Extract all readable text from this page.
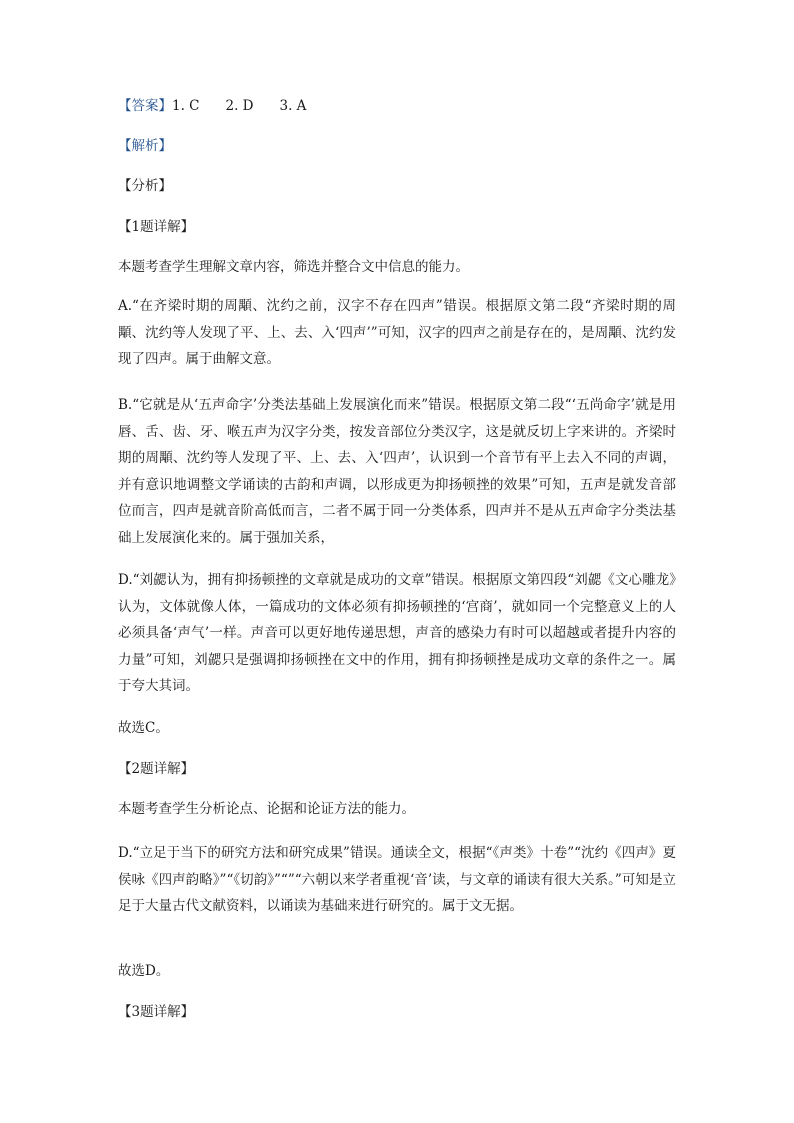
【答案】1. C 2. D 3. A
【解析】
【分析】
【1题详解】
本题考查学生理解文章内容，筛选并整合文中信息的能力。
A.“在齐梁时期的周顒、沈约之前，汉字不存在四声”错误。根据原文第二段“齐梁时期的周顒、沈约等人发现了平、上、去、入‘四声’”可知，汉字的四声之前是存在的，是周顒、沈约发现了四声。属于曲解文意。
B.“它就是从‘五声命字’分类法基础上发展演化而来”错误。根据原文第二段“‘五尚命字’就是用唇、舌、齿、牙、喉五声为汉字分类，按发音部位分类汉字，这是就反切上字来讲的。齐梁时期的周顒、沈约等人发现了平、上、去、入‘四声’，认识到一个音节有平上去入不同的声调，并有意识地调整文学诵读的古韵和声调，以形成更为抑扬顿挫的效果”可知，五声是就发音部位而言，四声是就音阶高低而言，二者不属于同一分类体系，四声并不是从五声命字分类法基础上发展演化来的。属于强加关系，
D.“刘勰认为，拥有抑扬顿挫的文章就是成功的文章”错误。根据原文第四段“刘勰《文心雕龙》认为，文体就像人体，一篇成功的文体必须有抑扬顿挫的‘宫商’，就如同一个完整意义上的人必须具备‘声气’一样。声音可以更好地传递思想，声音的感染力有时可以超越或者提升内容的力量”可知，刘勰只是强调抑扬顿挫在文中的作用，拥有抑扬顿挫是成功文章的条件之一。属于夸大其词。
故选C。
【2题详解】
本题考查学生分析论点、论据和论证方法的能力。
D.“立足于当下的研究方法和研究成果”错误。通读全文，根据“《声类》十卷”“沈约《四声》夏侯咏《四声韵略》”“《切韵》”“”“六朝以来学者重视‘音’读，与文章的诵读有很大关系。”可知是立足于大量古代文献资料，以诵读为基础来进行研究的。属于文无据。
故选D。
【3题详解】
